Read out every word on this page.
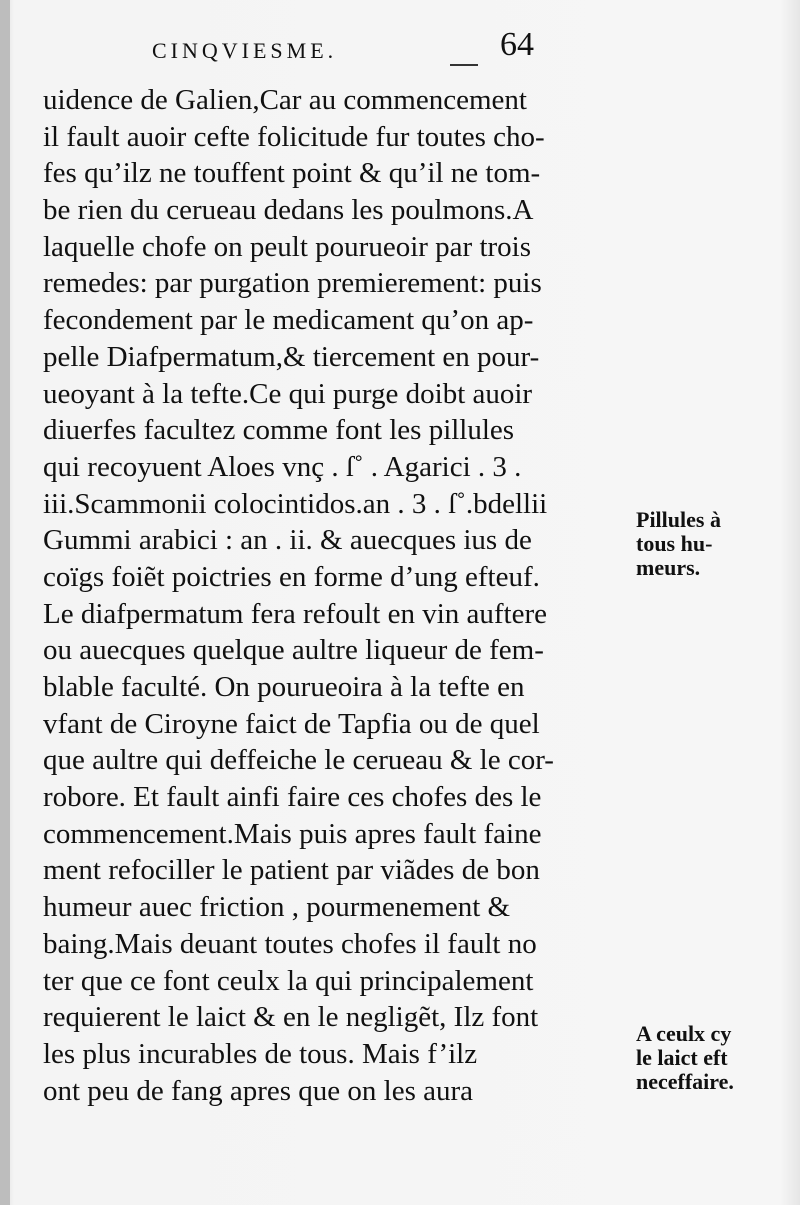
CINQVIESME.	64
uidence de Galien,Car au commencement
il fault auoir cefte folicitude fur toutes cho-
fes qu’ilz ne touffent point & qu’il ne tom-
be rien du cerueau dedans les poulmons.A
laquelle chofe on peult pourueoir par trois
remedes: par purgation premierement: puis
fecondement par le medicament qu’on ap-
pelle Diafpermatum,& tiercement en pour-
ueoyant à la tefte.Ce qui purge doibt auoir
diuerfes facultez comme font les pillules
qui recoyuent Aloes vnç . ſ˚ . Agarici . 3 .
iii.Scammonii colocintidos.an . 3 . ſ˚.bdellii
Gummi arabici : an . ii. & auecques ius de
coïgs foiẽt poictries en forme d’ung efteuf.
Le diafpermatum fera refoult en vin auftere
ou auecques quelque aultre liqueur de fem-
blable faculté. On pourueoira à la tefte en
vfant de Ciroyne faict de Tapfia ou de quel
que aultre qui deffeiche le cerueau & le cor-
robore. Et fault ainfi faire ces chofes des le
commencement.Mais puis apres fault faine
ment refociller le patient par viãdes de bon
humeur auec friction , pourmenement &
baing.Mais deuant toutes chofes il fault no
ter que ce font ceulx la qui principalement
requierent le laict & en le negligẽt, Ilz font
les plus incurables de tous. Mais f’ilz
ont peu de fang apres que on les aura
Pillules à
tous hu-
meurs.
A ceulx cy
le laict eft
neceffaire.
